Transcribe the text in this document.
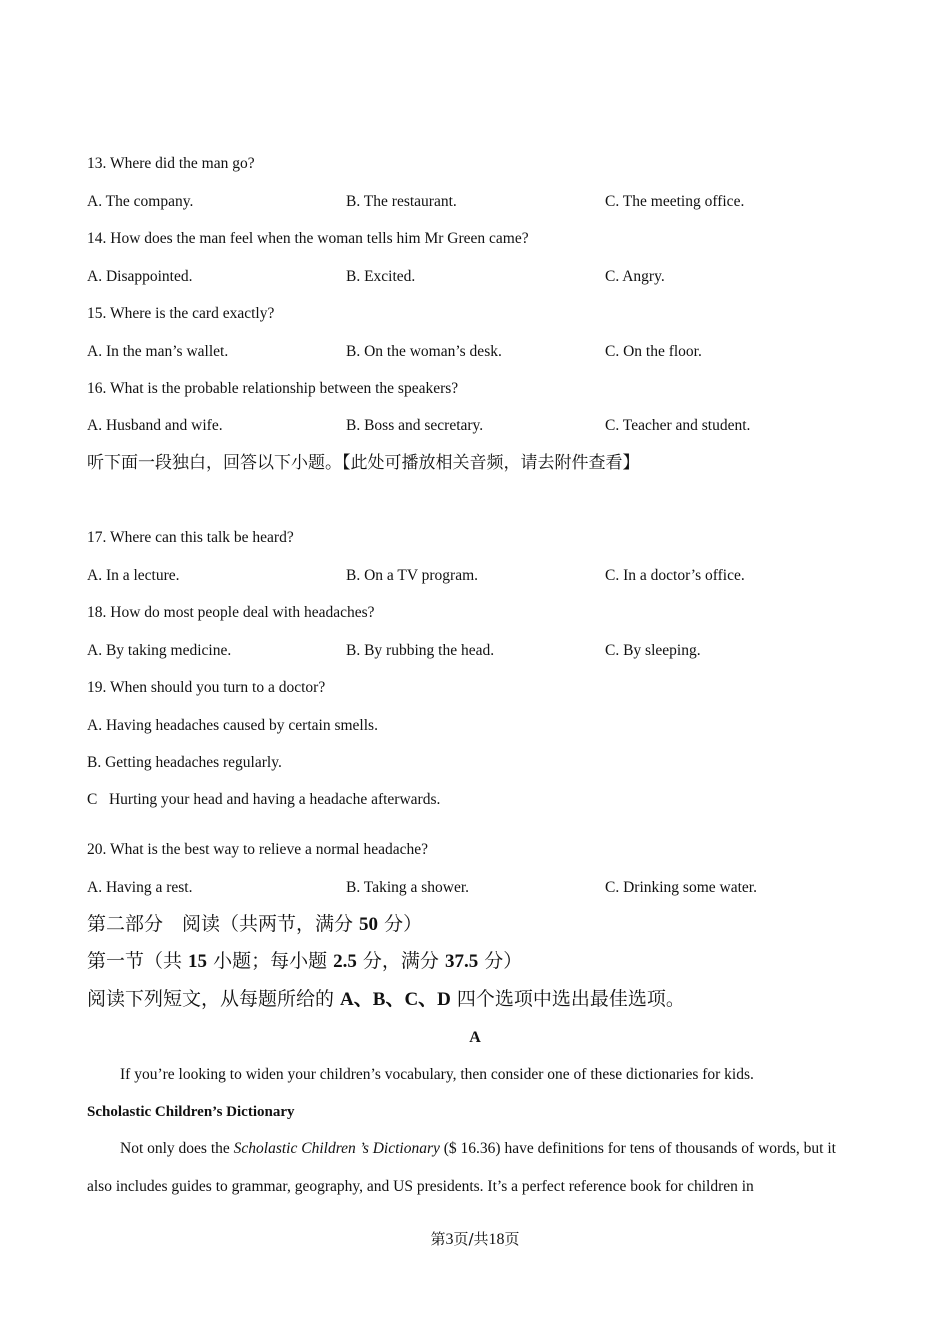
13. Where did the man go?
A. The company.	B. The restaurant.	C. The meeting office.
14. How does the man feel when the woman tells him Mr Green came?
A. Disappointed.	B. Excited.	C. Angry.
15. Where is the card exactly?
A. In the man’s wallet.	B. On the woman’s desk.	C. On the floor.
16. What is the probable relationship between the speakers?
A. Husband and wife.	B. Boss and secretary.	C. Teacher and student.
听下面一段独白，回答以下小题。【此处可播放相关音频，请去附件查看】
17. Where can this talk be heard?
A. In a lecture.	B. On a TV program.	C. In a doctor’s office.
18. How do most people deal with headaches?
A. By taking medicine.	B. By rubbing the head.	C. By sleeping.
19. When should you turn to a doctor?
A. Having headaches caused by certain smells.
B. Getting headaches regularly.
C   Hurting your head and having a headache afterwards.
20. What is the best way to relieve a normal headache?
A. Having a rest.	B. Taking a shower.	C. Drinking some water.
第二部分　阅读（共两节，满分 50 分）
第一节（共 15 小题；每小题 2.5 分，满分 37.5 分）
阅读下列短文，从每题所给的 A、B、C、D 四个选项中选出最佳选项。
A
If you’re looking to widen your children’s vocabulary, then consider one of these dictionaries for kids.
Scholastic Children’s Dictionary
Not only does the Scholastic Children ’s Dictionary ($ 16.36) have definitions for tens of thousands of words, but it also includes guides to grammar, geography, and US presidents. It’s a perfect reference book for children in
第3页/共18页
